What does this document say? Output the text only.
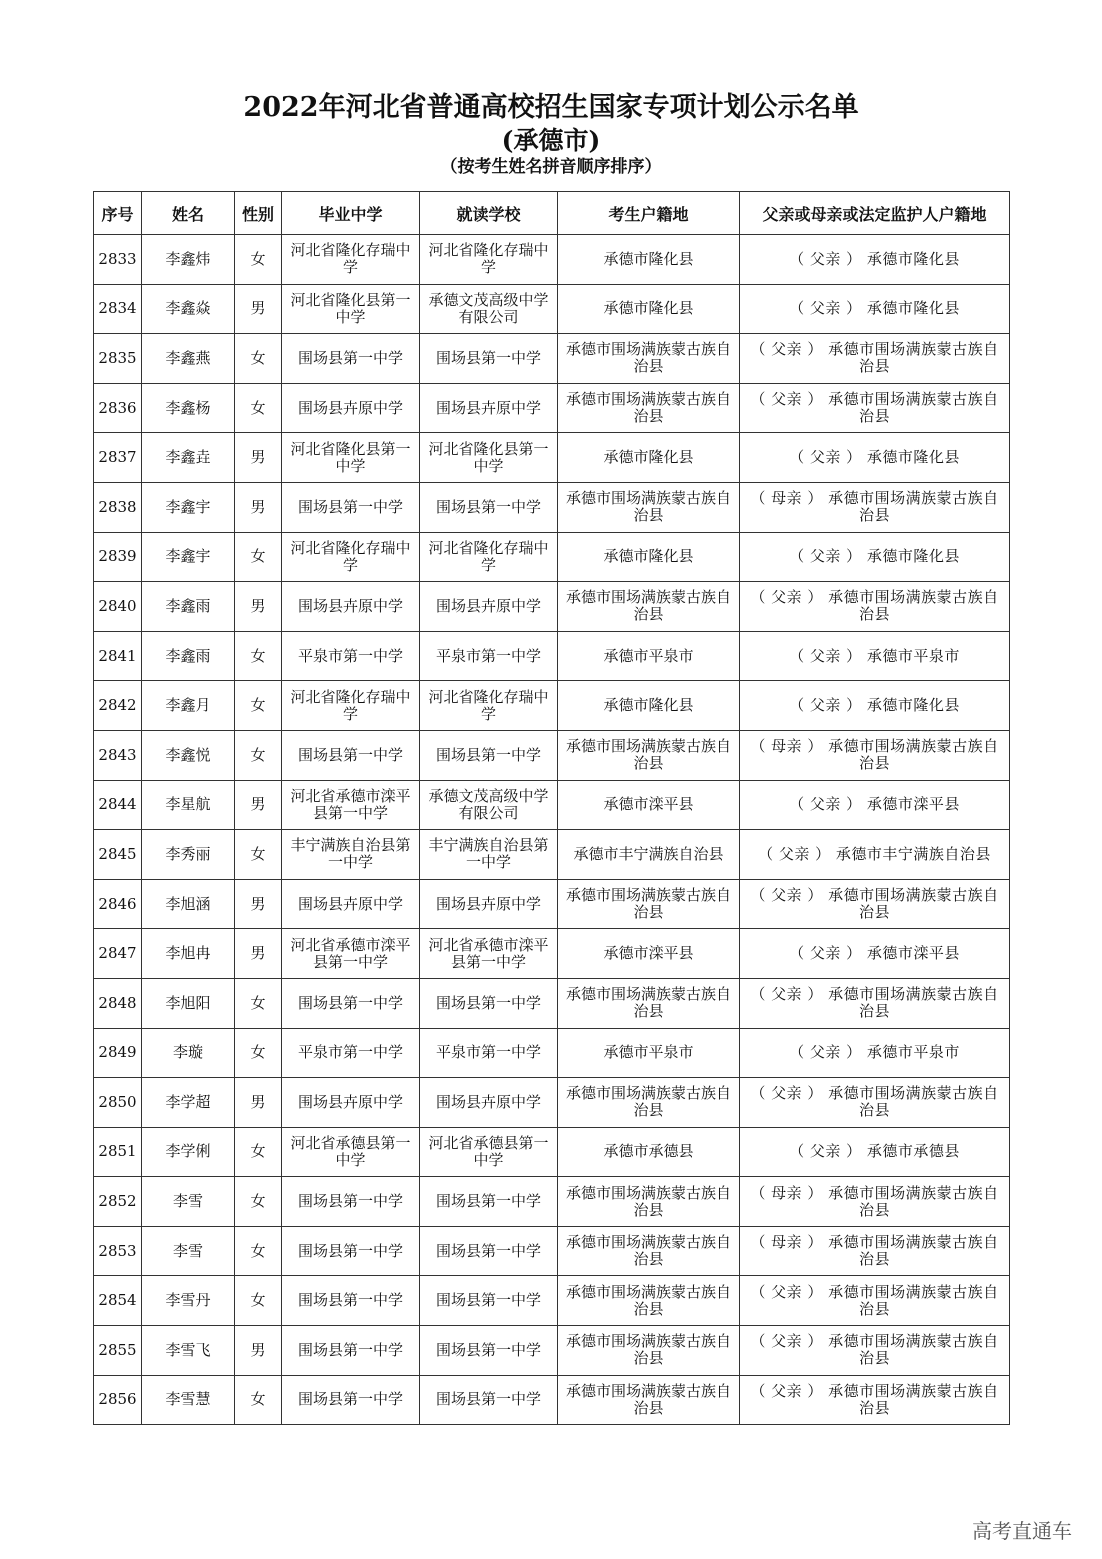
2022年河北省普通高校招生国家专项计划公示名单
(承德市)
（按考生姓名拼音顺序排序）
序号	姓名	性别	毕业中学	就读学校	考生户籍地	父亲或母亲或法定监护人户籍地
2833	李鑫炜	女	河北省隆化存瑞中学	河北省隆化存瑞中学	承德市隆化县	（ 父亲 ） 承德市隆化县
2834	李鑫焱	男	河北省隆化县第一中学	承德文茂高级中学有限公司	承德市隆化县	（ 父亲 ） 承德市隆化县
2835	李鑫燕	女	围场县第一中学	围场县第一中学	承德市围场满族蒙古族自治县	（ 父亲 ） 承德市围场满族蒙古族自治县
2836	李鑫杨	女	围场县卉原中学	围场县卉原中学	承德市围场满族蒙古族自治县	（ 父亲 ） 承德市围场满族蒙古族自治县
2837	李鑫垚	男	河北省隆化县第一中学	河北省隆化县第一中学	承德市隆化县	（ 父亲 ） 承德市隆化县
2838	李鑫宇	男	围场县第一中学	围场县第一中学	承德市围场满族蒙古族自治县	（ 母亲 ） 承德市围场满族蒙古族自治县
2839	李鑫宇	女	河北省隆化存瑞中学	河北省隆化存瑞中学	承德市隆化县	（ 父亲 ） 承德市隆化县
2840	李鑫雨	男	围场县卉原中学	围场县卉原中学	承德市围场满族蒙古族自治县	（ 父亲 ） 承德市围场满族蒙古族自治县
2841	李鑫雨	女	平泉市第一中学	平泉市第一中学	承德市平泉市	（ 父亲 ） 承德市平泉市
2842	李鑫月	女	河北省隆化存瑞中学	河北省隆化存瑞中学	承德市隆化县	（ 父亲 ） 承德市隆化县
2843	李鑫悦	女	围场县第一中学	围场县第一中学	承德市围场满族蒙古族自治县	（ 母亲 ） 承德市围场满族蒙古族自治县
2844	李星航	男	河北省承德市滦平县第一中学	承德文茂高级中学有限公司	承德市滦平县	（ 父亲 ） 承德市滦平县
2845	李秀丽	女	丰宁满族自治县第一中学	丰宁满族自治县第一中学	承德市丰宁满族自治县	（ 父亲 ） 承德市丰宁满族自治县
2846	李旭涵	男	围场县卉原中学	围场县卉原中学	承德市围场满族蒙古族自治县	（ 父亲 ） 承德市围场满族蒙古族自治县
2847	李旭冉	男	河北省承德市滦平县第一中学	河北省承德市滦平县第一中学	承德市滦平县	（ 父亲 ） 承德市滦平县
2848	李旭阳	女	围场县第一中学	围场县第一中学	承德市围场满族蒙古族自治县	（ 父亲 ） 承德市围场满族蒙古族自治县
2849	李璇	女	平泉市第一中学	平泉市第一中学	承德市平泉市	（ 父亲 ） 承德市平泉市
2850	李学超	男	围场县卉原中学	围场县卉原中学	承德市围场满族蒙古族自治县	（ 父亲 ） 承德市围场满族蒙古族自治县
2851	李学俐	女	河北省承德县第一中学	河北省承德县第一中学	承德市承德县	（ 父亲 ） 承德市承德县
2852	李雪	女	围场县第一中学	围场县第一中学	承德市围场满族蒙古族自治县	（ 母亲 ） 承德市围场满族蒙古族自治县
2853	李雪	女	围场县第一中学	围场县第一中学	承德市围场满族蒙古族自治县	（ 母亲 ） 承德市围场满族蒙古族自治县
2854	李雪丹	女	围场县第一中学	围场县第一中学	承德市围场满族蒙古族自治县	（ 父亲 ） 承德市围场满族蒙古族自治县
2855	李雪飞	男	围场县第一中学	围场县第一中学	承德市围场满族蒙古族自治县	（ 父亲 ） 承德市围场满族蒙古族自治县
2856	李雪慧	女	围场县第一中学	围场县第一中学	承德市围场满族蒙古族自治县	（ 父亲 ） 承德市围场满族蒙古族自治县
高考直通车
